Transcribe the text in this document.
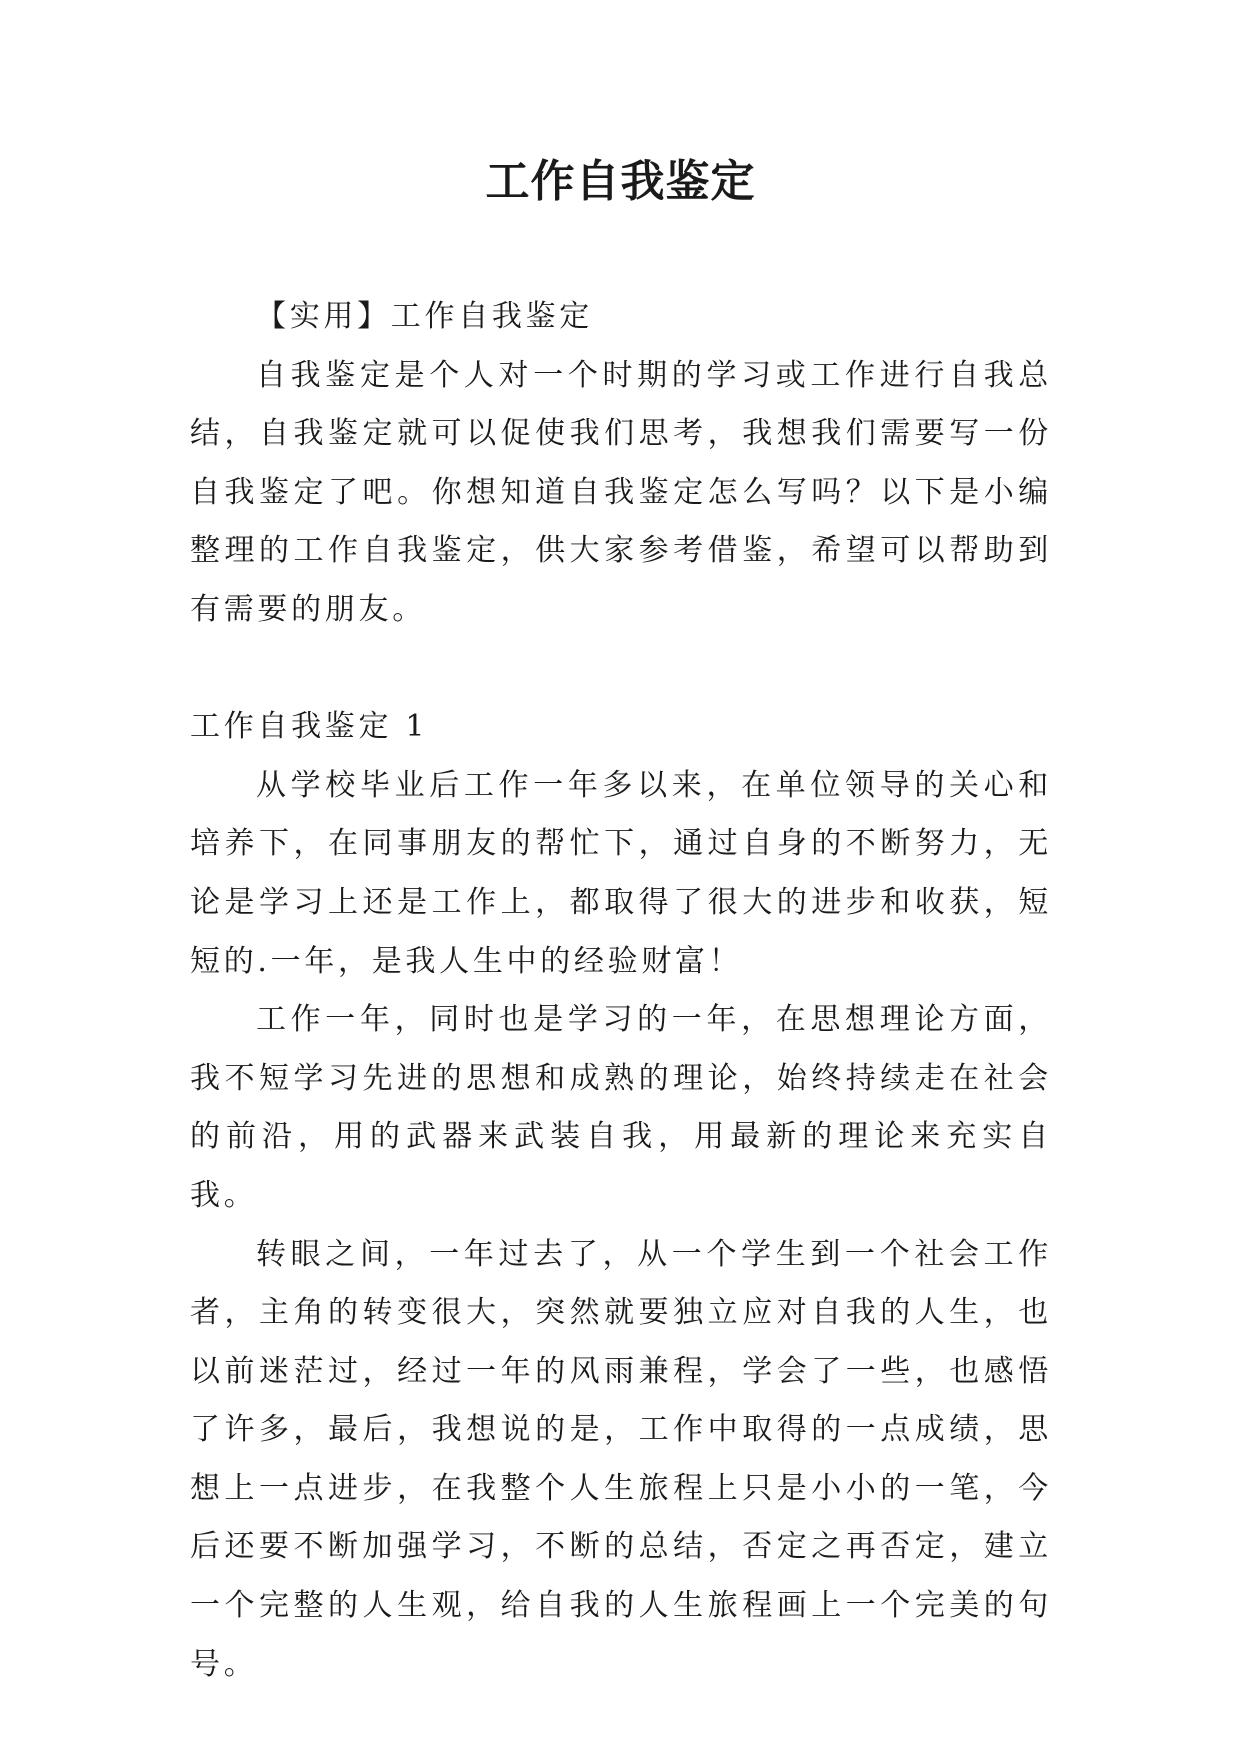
工作自我鉴定

【实用】工作自我鉴定

自我鉴定是个人对一个时期的学习或工作进行自我总结，自我鉴定就可以促使我们思考，我想我们需要写一份自我鉴定了吧。你想知道自我鉴定怎么写吗？以下是小编整理的工作自我鉴定，供大家参考借鉴，希望可以帮助到有需要的朋友。

工作自我鉴定 1

从学校毕业后工作一年多以来，在单位领导的关心和培养下，在同事朋友的帮忙下，通过自身的不断努力，无论是学习上还是工作上，都取得了很大的进步和收获，短短的.一年，是我人生中的经验财富！

工作一年，同时也是学习的一年，在思想理论方面，我不短学习先进的思想和成熟的理论，始终持续走在社会的前沿，用的武器来武装自我，用最新的理论来充实自我。

转眼之间，一年过去了，从一个学生到一个社会工作者，主角的转变很大，突然就要独立应对自我的人生，也以前迷茫过，经过一年的风雨兼程，学会了一些，也感悟了许多，最后，我想说的是，工作中取得的一点成绩，思想上一点进步，在我整个人生旅程上只是小小的一笔，今后还要不断加强学习，不断的总结，否定之再否定，建立一个完整的人生观，给自我的人生旅程画上一个完美的句号。
